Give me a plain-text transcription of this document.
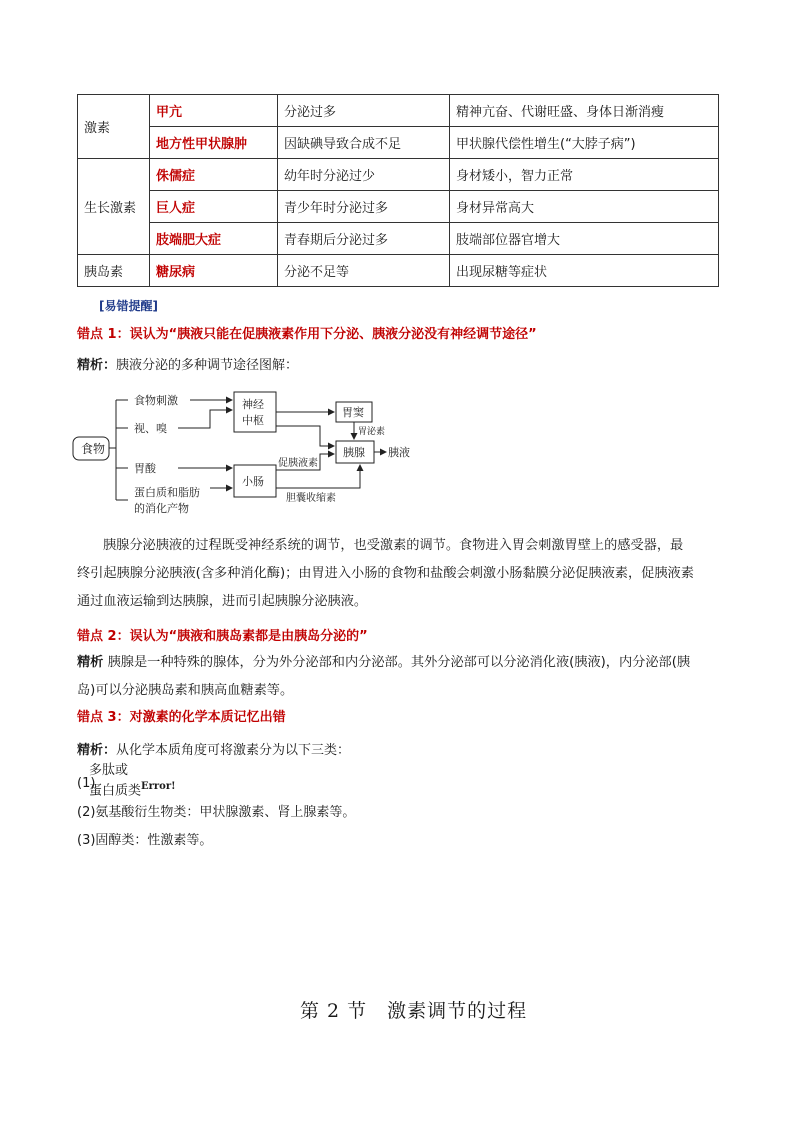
激素	甲亢	分泌过多	精神亢奋、代谢旺盛、身体日渐消瘦
	地方性甲状腺肿	因缺碘导致合成不足	甲状腺代偿性增生(“大脖子病”)
生长激素	侏儒症	幼年时分泌过少	身材矮小，智力正常
	巨人症	青少年时分泌过多	身材异常高大
	肢端肥大症	青春期后分泌过多	肢端部位器官增大
胰岛素	糖尿病	分泌不足等	出现尿糖等症状
[易错提醒]
错点 1：误认为“胰液只能在促胰液素作用下分泌、胰液分泌没有神经调节途径”
精析：胰液分泌的多种调节途径图解：
食物
食物刺激
视、嗅
胃酸
蛋白质和脂肪
的消化产物
神经
中枢
小肠
胃窦
胰腺 胰液
胃泌素
促胰液素
胆囊收缩素
胰腺分泌胰液的过程既受神经系统的调节，也受激素的调节。食物进入胃会刺激胃壁上的感受器，最
终引起胰腺分泌胰液(含多种消化酶)；由胃进入小肠的食物和盐酸会刺激小肠黏膜分泌促胰液素，促胰液素
通过血液运输到达胰腺，进而引起胰腺分泌胰液。
错点 2：误认为“胰液和胰岛素都是由胰岛分泌的”
精析 胰腺是一种特殊的腺体，分为外分泌部和内分泌部。其外分泌部可以分泌消化液(胰液)，内分泌部(胰
岛)可以分泌胰岛素和胰高血糖素等。
错点 3：对激素的化学本质记忆出错
精析：从化学本质角度可将激素分为以下三类：
(1)
多肽或
蛋白质类$^{Error!}$
(2)氨基酸衍生物类：甲状腺激素、肾上腺素等。
(3)固醇类：性激素等。
第 2 节　激素调节的过程
